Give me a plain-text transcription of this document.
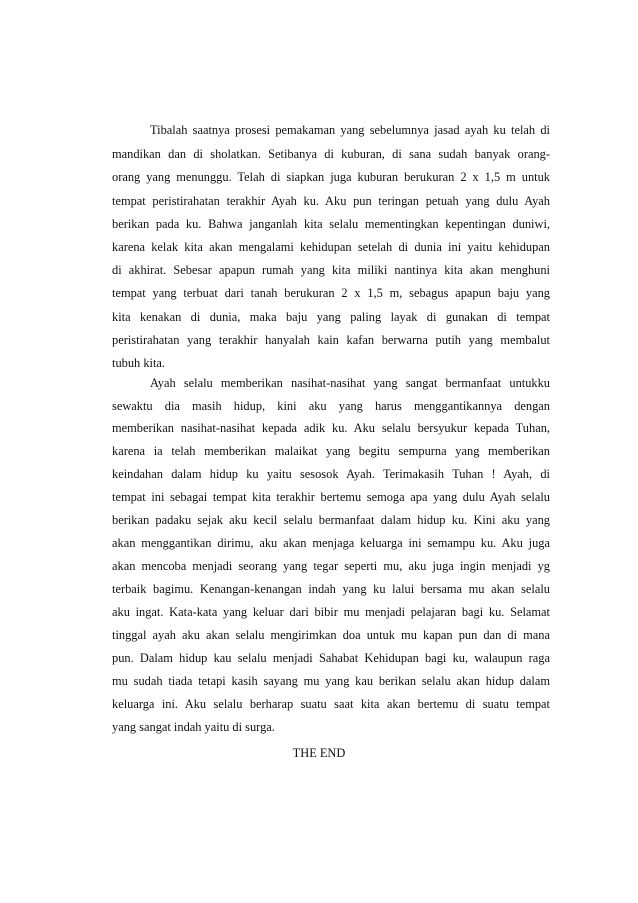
Tibalah saatnya prosesi pemakaman yang sebelumnya jasad ayah ku telah di
mandikan dan di sholatkan. Setibanya di kuburan, di sana sudah banyak orang-
orang yang menunggu. Telah di siapkan juga kuburan berukuran 2 x 1,5 m untuk
tempat peristirahatan terakhir Ayah ku. Aku pun teringan petuah yang dulu Ayah
berikan pada ku. Bahwa janganlah kita selalu mementingkan kepentingan duniwi,
karena kelak kita akan mengalami kehidupan setelah di dunia ini yaitu kehidupan
di akhirat. Sebesar apapun rumah yang kita miliki nantinya kita akan menghuni
tempat yang terbuat dari tanah berukuran 2 x 1,5 m, sebagus apapun baju yang
kita kenakan di dunia, maka baju yang paling layak di gunakan di tempat
peristirahatan yang terakhir hanyalah kain kafan berwarna putih yang membalut
tubuh kita.
Ayah selalu memberikan nasihat-nasihat yang sangat bermanfaat untukku
sewaktu dia masih hidup, kini aku yang harus menggantikannya dengan
memberikan nasihat-nasihat kepada adik ku. Aku selalu bersyukur kepada Tuhan,
karena ia telah memberikan malaikat yang begitu sempurna yang memberikan
keindahan dalam hidup ku yaitu sesosok Ayah. Terimakasih Tuhan ! Ayah, di
tempat ini sebagai tempat kita terakhir bertemu semoga apa yang dulu Ayah selalu
berikan padaku sejak aku kecil selalu bermanfaat dalam hidup ku. Kini aku yang
akan menggantikan dirimu, aku akan menjaga keluarga ini semampu ku. Aku juga
akan mencoba menjadi seorang yang tegar seperti mu, aku juga ingin menjadi yg
terbaik bagimu. Kenangan-kenangan indah yang ku lalui bersama mu akan selalu
aku ingat. Kata-kata yang keluar dari bibir mu menjadi pelajaran bagi ku. Selamat
tinggal ayah aku akan selalu mengirimkan doa untuk mu kapan pun dan di mana
pun. Dalam hidup kau selalu menjadi Sahabat Kehidupan bagi ku, walaupun raga
mu sudah tiada tetapi kasih sayang mu yang kau berikan selalu akan hidup dalam
keluarga ini. Aku selalu berharap suatu saat kita akan bertemu di suatu tempat
yang sangat indah yaitu di surga.
THE END
